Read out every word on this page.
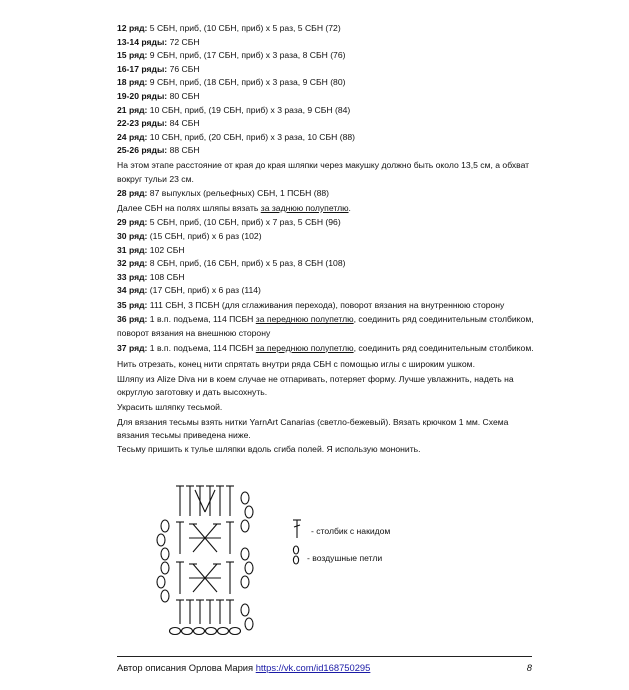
12 ряд: 5 СБН, приб, (10 СБН, приб) x 5 раз, 5 СБН (72)
13-14 ряды: 72 СБН
15 ряд: 9 СБН, приб, (17 СБН, приб) x 3 раза, 8 СБН (76)
16-17 ряды: 76 СБН
18 ряд: 9 СБН, приб, (18 СБН, приб) x 3 раза, 9 СБН (80)
19-20 ряды: 80 СБН
21 ряд: 10 СБН, приб, (19 СБН, приб) x 3 раза, 9 СБН (84)
22-23 ряды: 84 СБН
24 ряд: 10 СБН, приб, (20 СБН, приб) x 3 раза, 10 СБН (88)
25-26 ряды: 88 СБН
На этом этапе расстояние от края до края шляпки через макушку должно быть около 13,5 см, а обхват вокруг тульи 23 см.
28 ряд: 87 выпуклых (рельефных) СБН, 1 ПСБН (88)
Далее СБН на полях шляпы вязать за заднюю полупетлю.
29 ряд: 5 СБН, приб, (10 СБН, приб) x 7 раз, 5 СБН (96)
30 ряд: (15 СБН, приб) x 6 раз (102)
31 ряд: 102 СБН
32 ряд: 8 СБН, приб, (16 СБН, приб) x 5 раз, 8 СБН (108)
33 ряд: 108 СБН
34 ряд: (17 СБН, приб) x 6 раз (114)
35 ряд: 111 СБН, 3 ПСБН (для сглаживания перехода), поворот вязания на внутреннюю сторону
36 ряд: 1 в.п. подъема, 114 ПСБН за переднюю полупетлю, соединить ряд соединительным столбиком, поворот вязания на внешнюю сторону
37 ряд: 1 в.п. подъема, 114 ПСБН за переднюю полупетлю, соединить ряд соединительным столбиком.
Нить отрезать, конец нити спрятать внутри ряда СБН с помощью иглы с широким ушком.
Шляпу из Alize Diva ни в коем случае не отпаривать, потеряет форму. Лучше увлажнить, надеть на округлую заготовку и дать высохнуть.
Украсить шляпку тесьмой.
Для вязания тесьмы взять нитки YarnArt Canarias (светло-бежевый). Вязать крючком 1 мм. Схема вязания тесьмы приведена ниже.
Тесьму пришить к тулье шляпки вдоль сгиба полей. Я использую мононить.
- столбик с накидом
- воздушные петли
Автор описания Орлова Мария https://vk.com/id168750295	8
